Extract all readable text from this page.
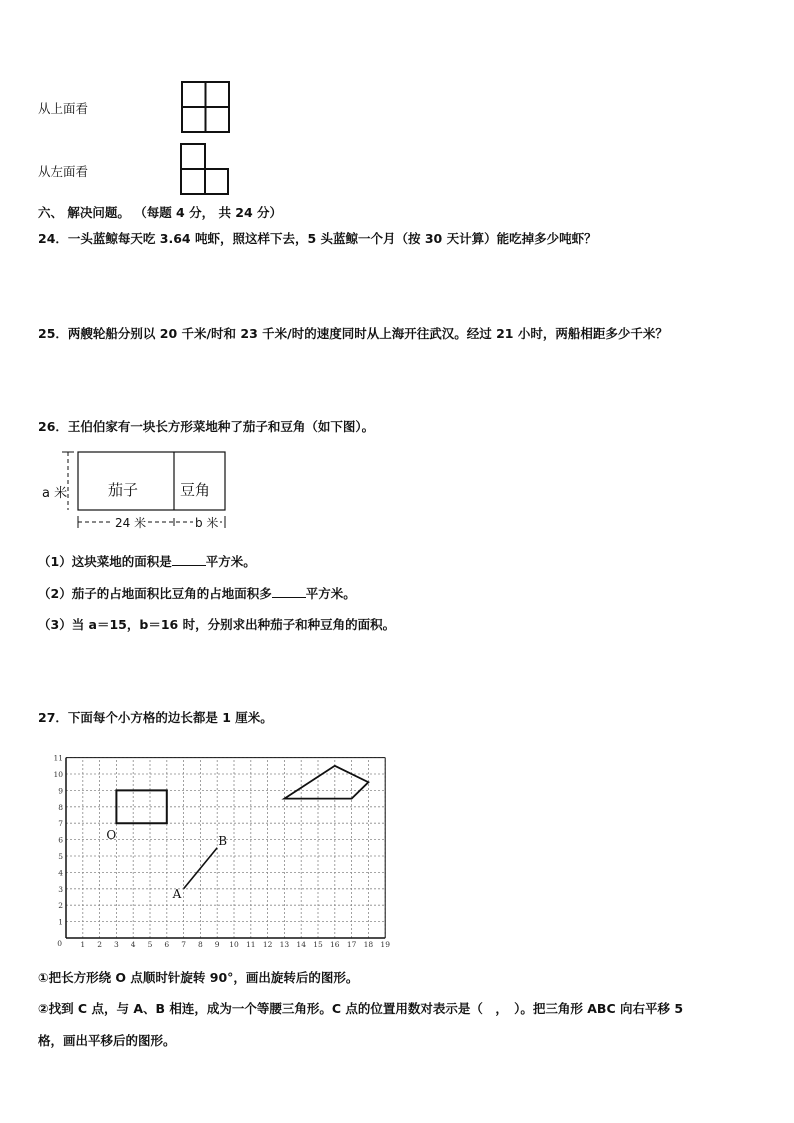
从上面看
从左面看
六、 解决问题。 （每题 4 分， 共 24 分）
24．一头蓝鲸每天吃 3.64 吨虾，照这样下去，5 头蓝鲸一个月（按 30 天计算）能吃掉多少吨虾？
25．两艘轮船分别以 20 千米/时和 23 千米/时的速度同时从上海开往武汉。经过 21 小时，两船相距多少千米？
26．王伯伯家有一块长方形菜地种了茄子和豆角（如下图）。
a 米	茄子	豆角
24 米	b 米
（1）这块菜地的面积是	平方米。
（2）茄子的占地面积比豆角的占地面积多	平方米。
（3）当 a＝15，b＝16 时，分别求出种茄子和种豆角的面积。
27．下面每个小方格的边长都是 1 厘米。
1 2 3 4 5 6 7 8 9 10 11 12 13 14 15 16 17 18 19
1
2
3
4
5
6
7
8
9
10
11
0
O
A
B
①把长方形绕 O 点顺时针旋转 90°，画出旋转后的图形。
②找到 C 点，与 A、B 相连，成为一个等腰三角形。C 点的位置用数对表示是（　，　）。把三角形 ABC 向右平移 5
格，画出平移后的图形。
